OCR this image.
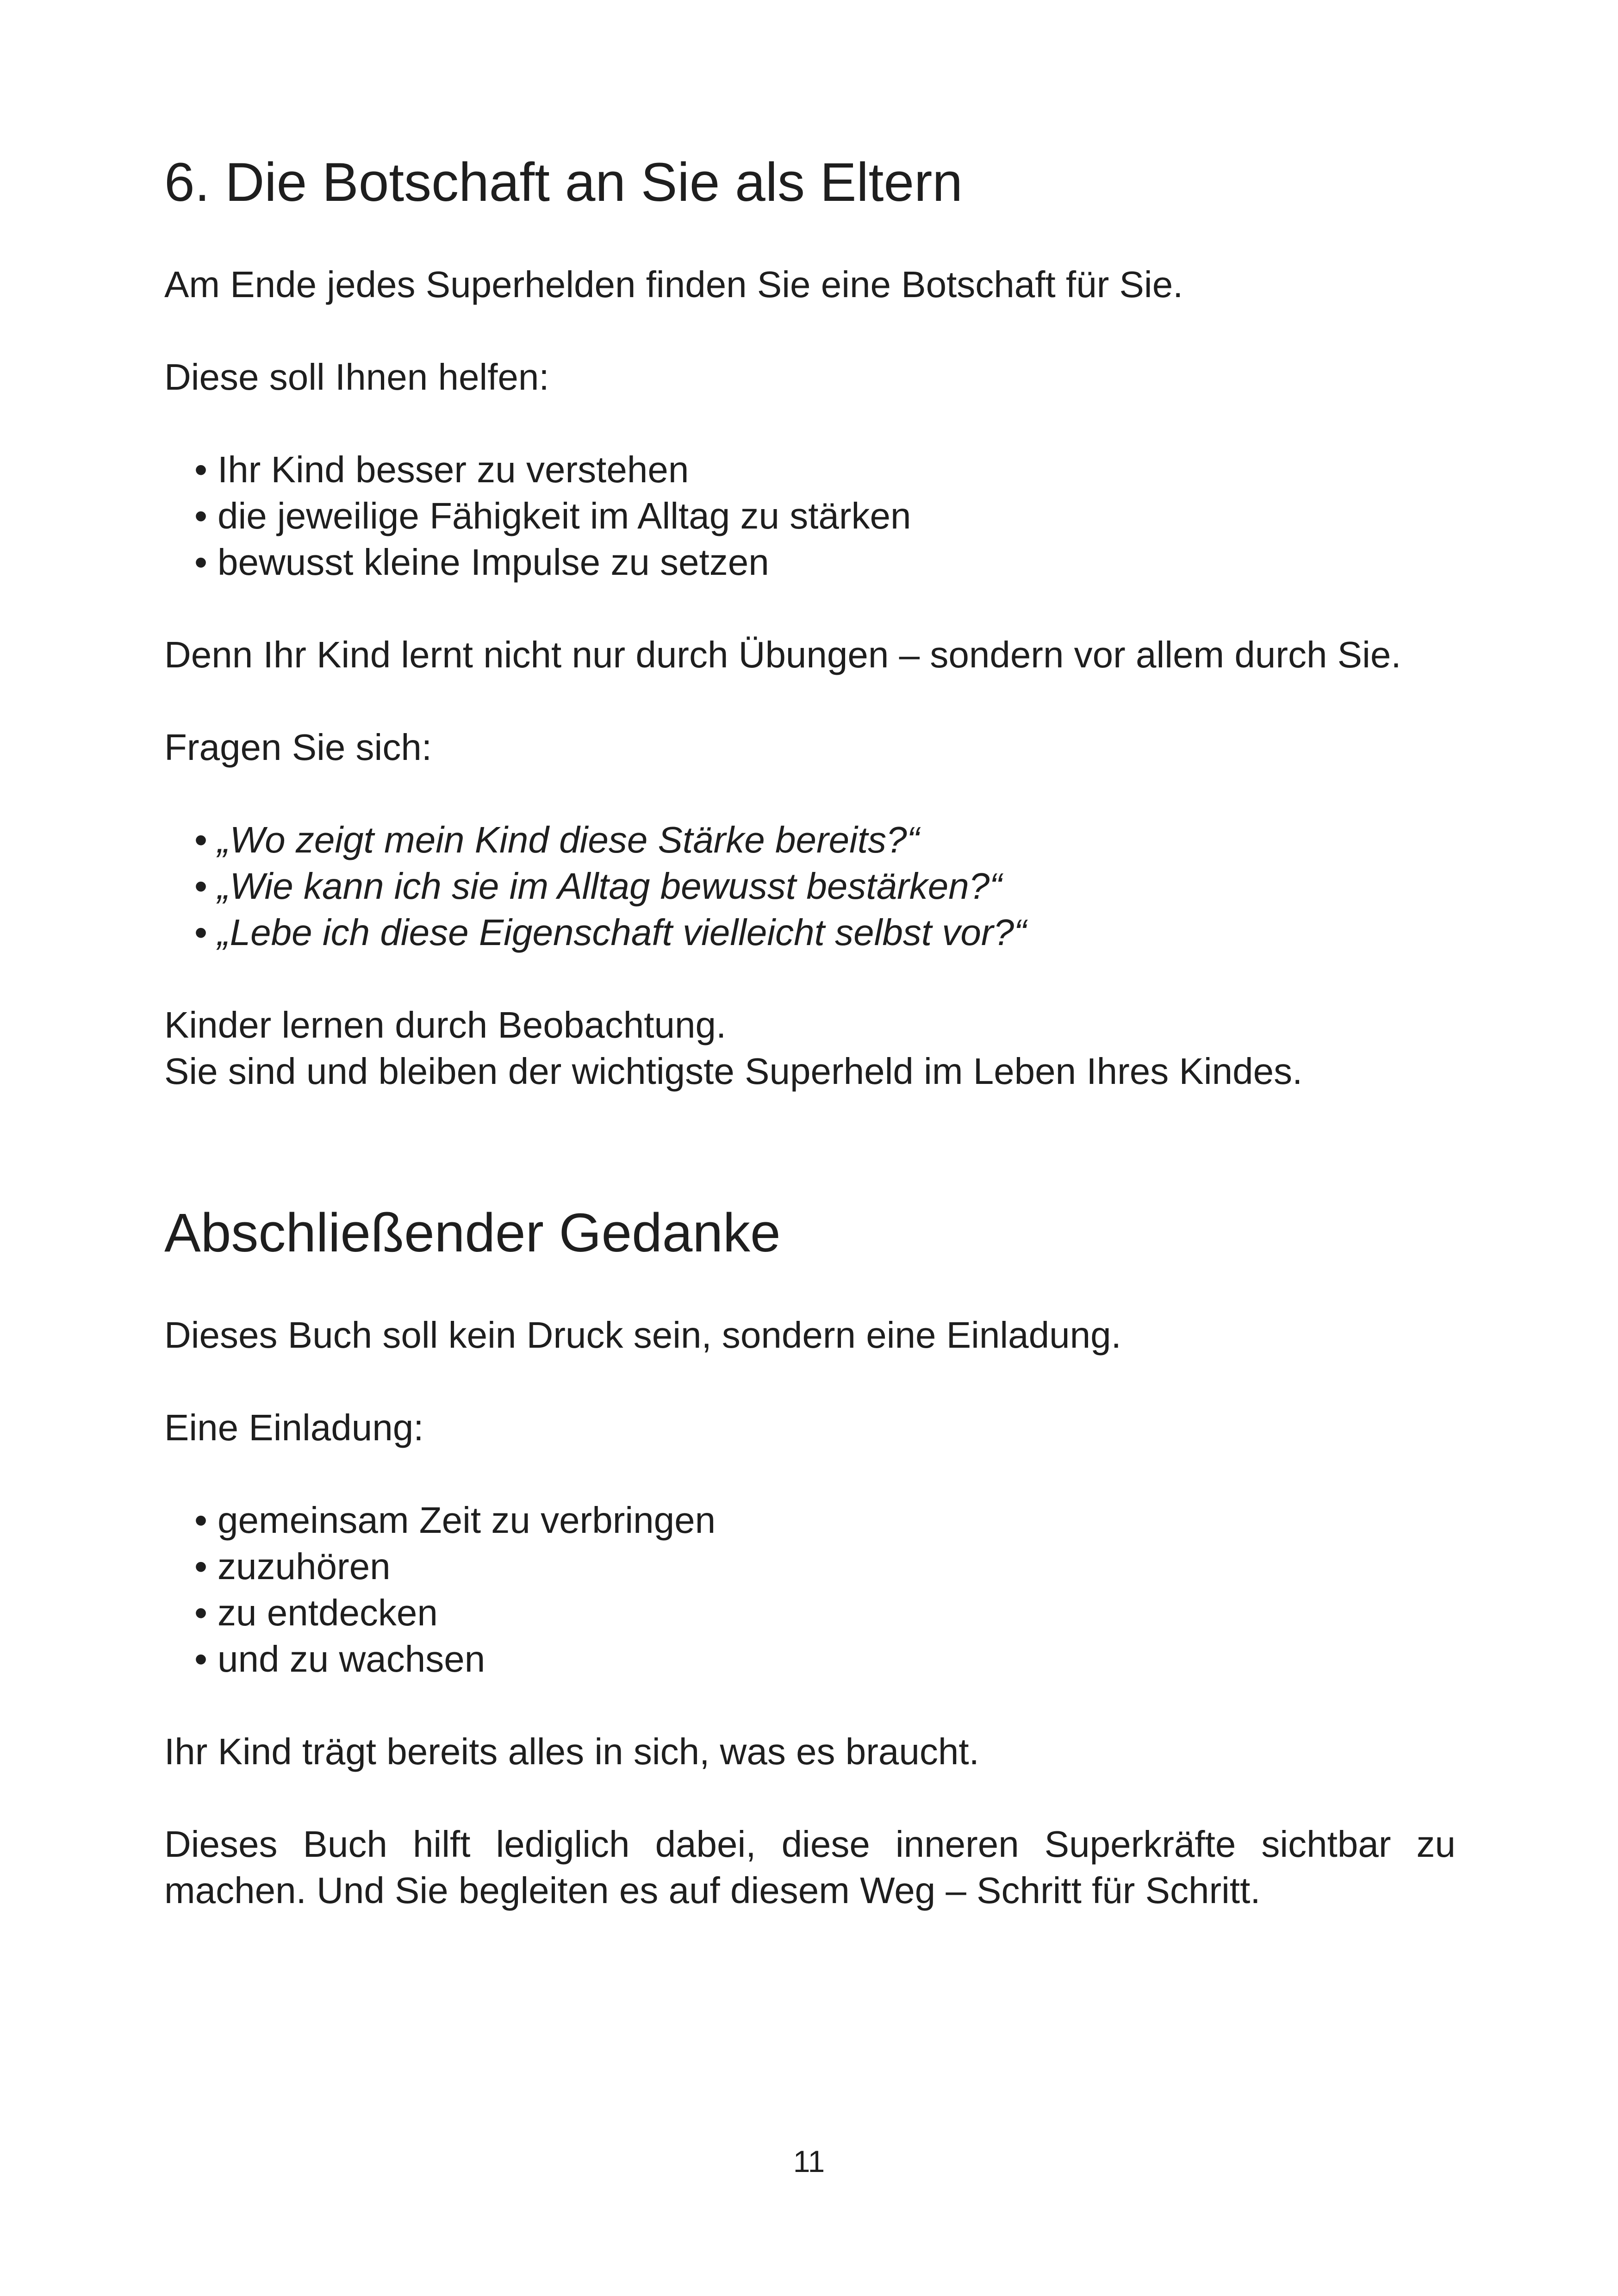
6. Die Botschaft an Sie als Eltern

Am Ende jedes Superhelden finden Sie eine Botschaft für Sie.

Diese soll Ihnen helfen:

• Ihr Kind besser zu verstehen
• die jeweilige Fähigkeit im Alltag zu stärken
• bewusst kleine Impulse zu setzen

Denn Ihr Kind lernt nicht nur durch Übungen – sondern vor allem durch Sie.

Fragen Sie sich:

• „Wo zeigt mein Kind diese Stärke bereits?“
• „Wie kann ich sie im Alltag bewusst bestärken?“
• „Lebe ich diese Eigenschaft vielleicht selbst vor?“

Kinder lernen durch Beobachtung.
Sie sind und bleiben der wichtigste Superheld im Leben Ihres Kindes.

Abschließender Gedanke

Dieses Buch soll kein Druck sein, sondern eine Einladung.

Eine Einladung:

• gemeinsam Zeit zu verbringen
• zuzuhören
• zu entdecken
• und zu wachsen

Ihr Kind trägt bereits alles in sich, was es braucht.

Dieses Buch hilft lediglich dabei, diese inneren Superkräfte sichtbar zu machen. Und Sie begleiten es auf diesem Weg – Schritt für Schritt.

11
